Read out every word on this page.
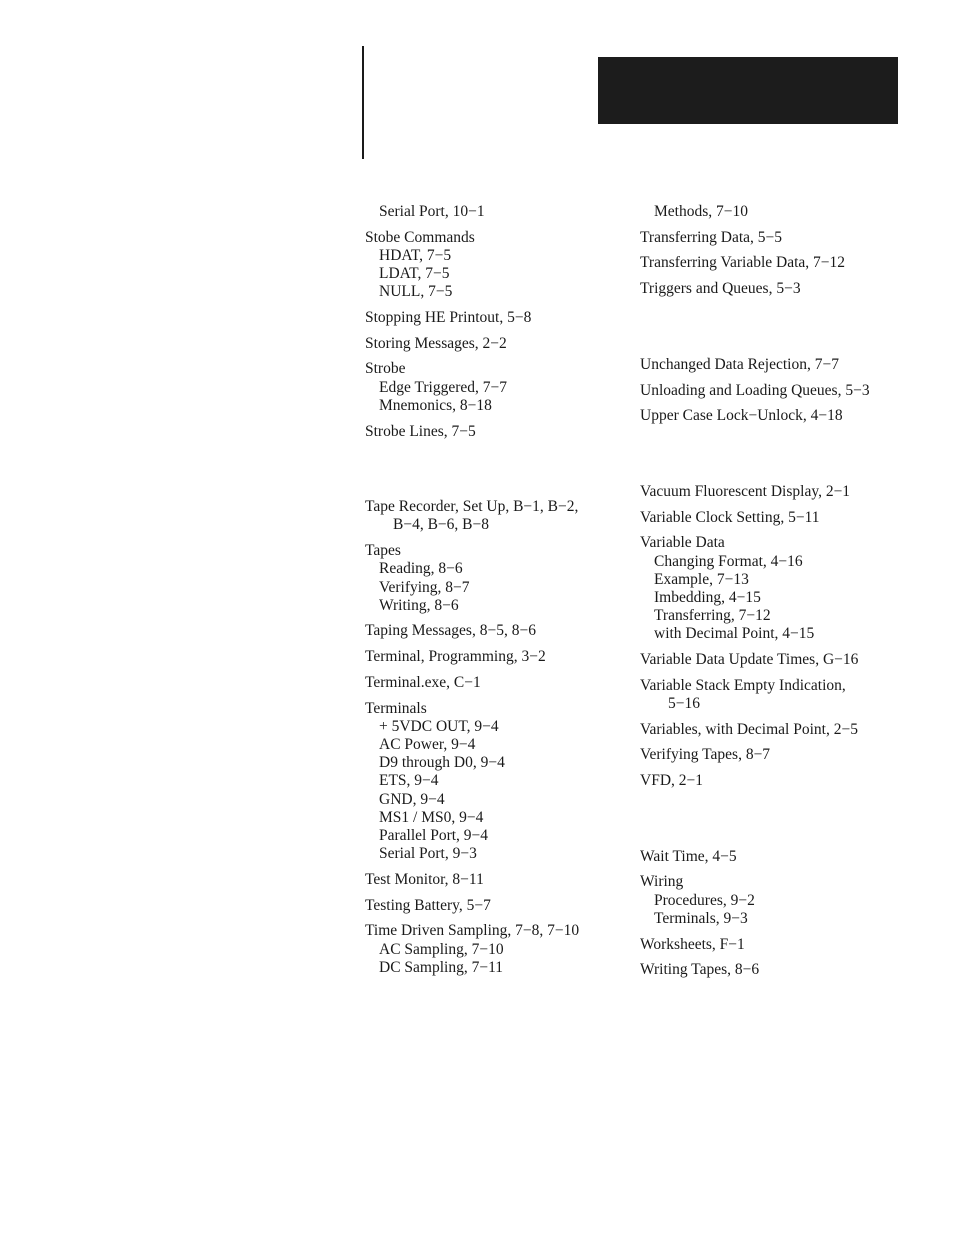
Serial Port, 10−1
Stobe Commands
HDAT, 7−5
LDAT, 7−5
NULL, 7−5
Stopping HE Printout, 5−8
Storing Messages, 2−2
Strobe
Edge Triggered, 7−7
Mnemonics, 8−18
Strobe Lines, 7−5
Tape Recorder, Set Up, B−1, B−2,
B−4, B−6, B−8
Tapes
Reading, 8−6
Verifying, 8−7
Writing, 8−6
Taping Messages, 8−5, 8−6
Terminal, Programming, 3−2
Terminal.exe, C−1
Terminals
+ 5VDC OUT, 9−4
AC Power, 9−4
D9 through D0, 9−4
ETS, 9−4
GND, 9−4
MS1 / MS0, 9−4
Parallel Port, 9−4
Serial Port, 9−3
Test Monitor, 8−11
Testing Battery, 5−7
Time Driven Sampling, 7−8, 7−10
AC Sampling, 7−10
DC Sampling, 7−11
Methods, 7−10
Transferring Data, 5−5
Transferring Variable Data, 7−12
Triggers and Queues, 5−3
Unchanged Data Rejection, 7−7
Unloading and Loading Queues, 5−3
Upper Case Lock−Unlock, 4−18
Vacuum Fluorescent Display, 2−1
Variable Clock Setting, 5−11
Variable Data
Changing Format, 4−16
Example, 7−13
Imbedding, 4−15
Transferring, 7−12
with Decimal Point, 4−15
Variable Data Update Times, G−16
Variable Stack Empty Indication,
5−16
Variables, with Decimal Point, 2−5
Verifying Tapes, 8−7
VFD, 2−1
Wait Time, 4−5
Wiring
Procedures, 9−2
Terminals, 9−3
Worksheets, F−1
Writing Tapes, 8−6
